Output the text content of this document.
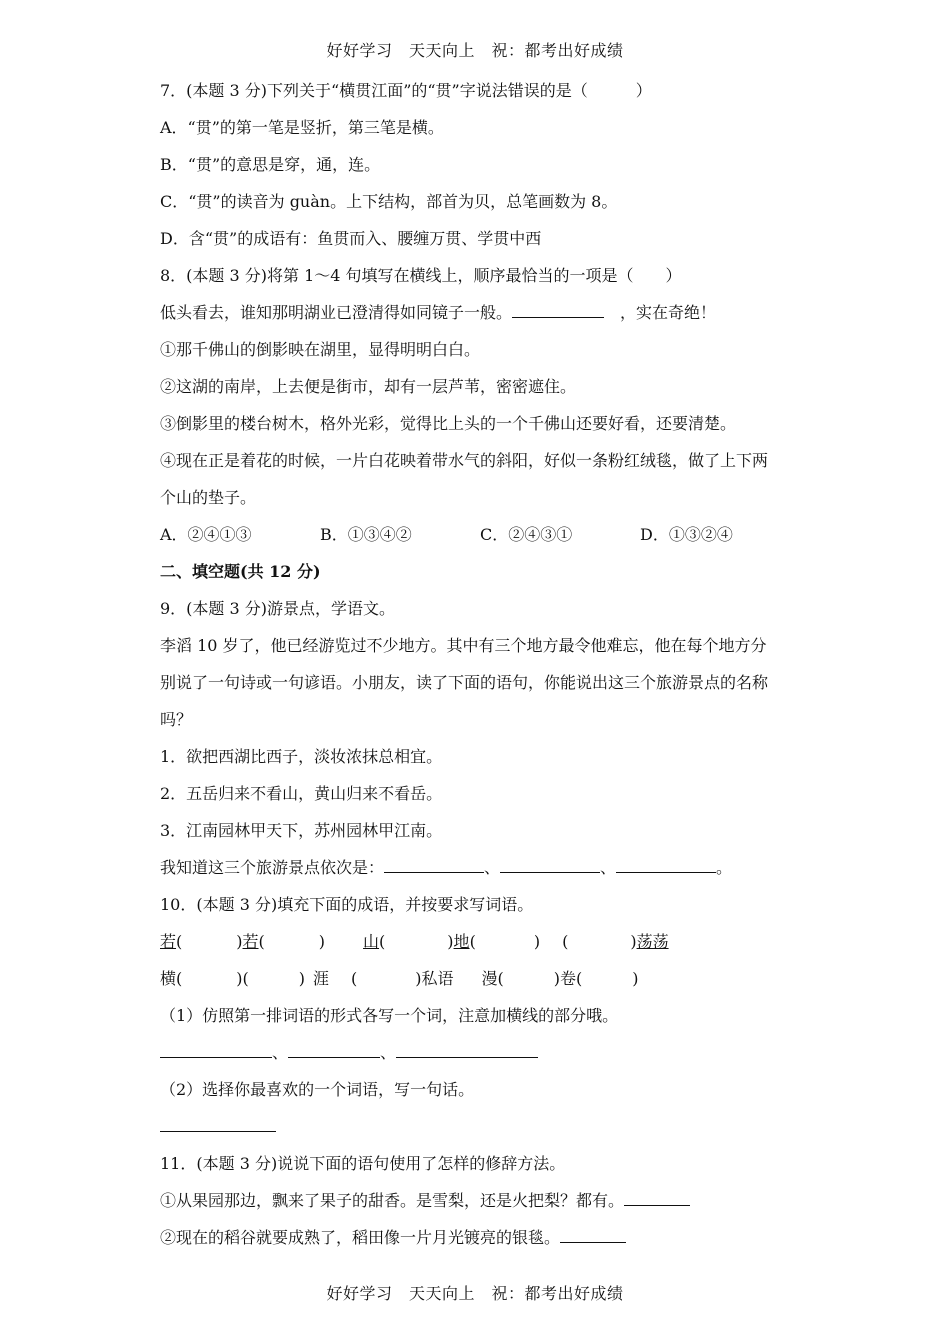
好好学习　天天向上　祝：都考出好成绩
7．(本题 3 分)下列关于“横贯江面”的“贯”字说法错误的是（　　　）
A．“贯”的第一笔是竖折，第三笔是横。
B．“贯”的意思是穿，通，连。
C．“贯”的读音为 guàn。上下结构，部首为贝，总笔画数为 8。
D．含“贯”的成语有：鱼贯而入、腰缠万贯、学贯中西
8．(本题 3 分)将第 1～4 句填写在横线上，顺序最恰当的一项是（　　）
低头看去，谁知那明湖业已澄清得如同镜子一般。　	，实在奇绝！
①那千佛山的倒影映在湖里，显得明明白白。
②这湖的南岸，上去便是街市，却有一层芦苇，密密遮住。
③倒影里的楼台树木，格外光彩，觉得比上头的一个千佛山还要好看，还要清楚。
④现在正是着花的时候，一片白花映着带水气的斜阳，好似一条粉红绒毯，做了上下两
个山的垫子。
A．②④①③	B．①③④②	C．②④③①	D．①③②④
二、填空题(共 12 分)
9．(本题 3 分)游景点，学语文。
李滔 10 岁了，他已经游览过不少地方。其中有三个地方最令他难忘，他在每个地方分
别说了一句诗或一句谚语。小朋友，读了下面的语句，你能说出这三个旅游景点的名称
吗？
1．欲把西湖比西子，淡妆浓抹总相宜。
2．五岳归来不看山，黄山归来不看岳。
3．江南园林甲天下，苏州园林甲江南。
我知道这三个旅游景点依次是：	、	、	。
10．(本题 3 分)填充下面的成语，并按要求写词语。
若(	)若(	) 山(	)地(	) (	)荡荡
横(	)(	) 涯 (	)私语 漫(	)卷(	)
（1）仿照第一排词语的形式各写一个词，注意加横线的部分哦。
、	、
（2）选择你最喜欢的一个词语，写一句话。
11．(本题 3 分)说说下面的语句使用了怎样的修辞方法。
①从果园那边，飘来了果子的甜香。是雪梨，还是火把梨？都有。
②现在的稻谷就要成熟了，稻田像一片月光镀亮的银毯。
好好学习　天天向上　祝：都考出好成绩
